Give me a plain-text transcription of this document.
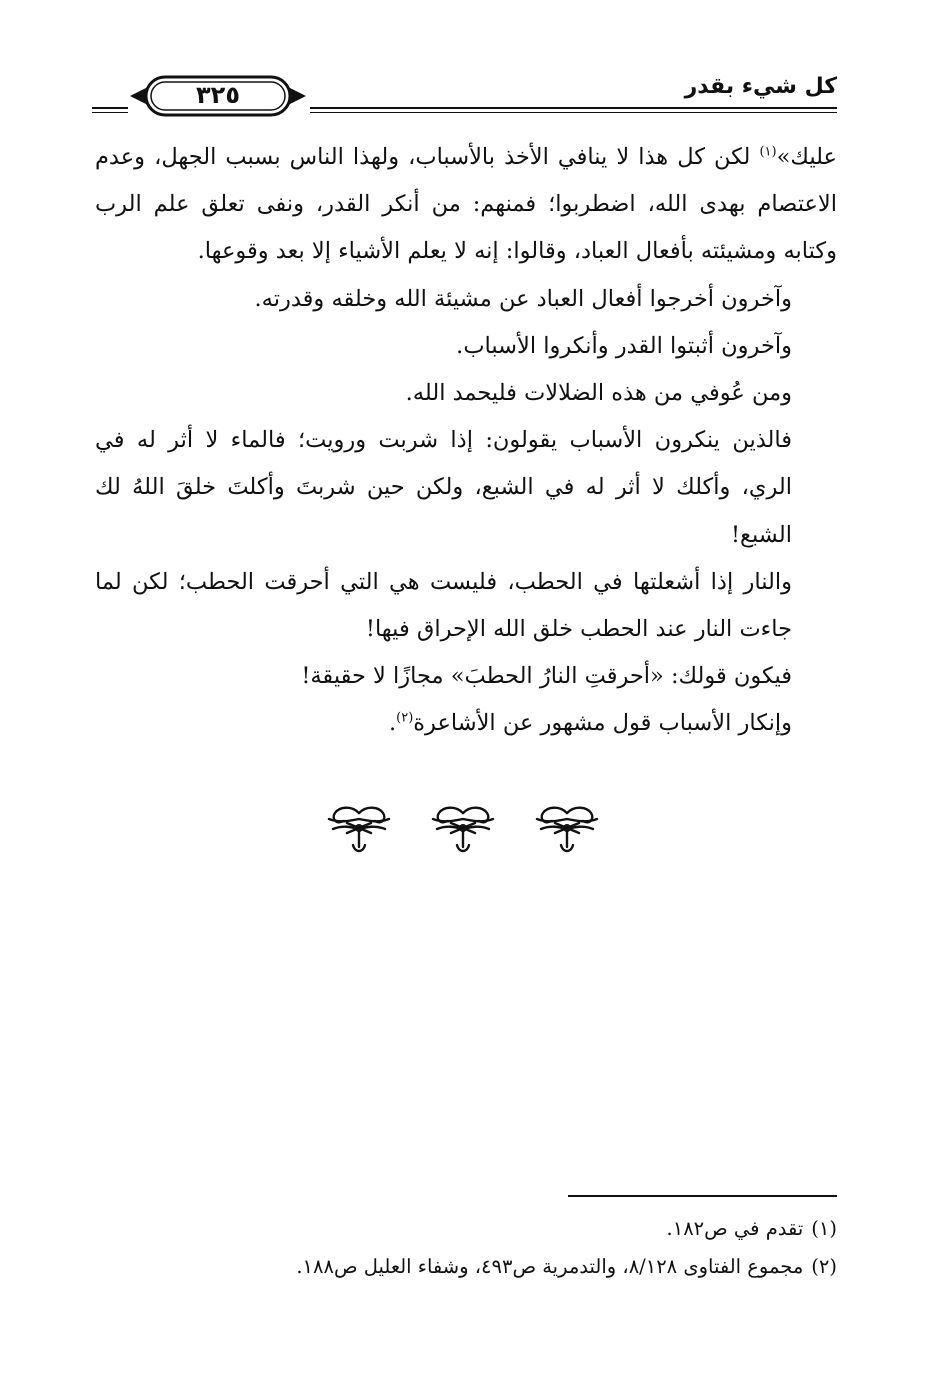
كل شيء بقدر
٣٢٥

عليك»$^{(١)}$ لكن كل هذا لا ينافي الأخذ بالأسباب، ولهذا الناس بسبب الجهل، وعدم الاعتصام بهدى الله، اضطربوا؛ فمنهم: من أنكر القدر، ونفى تعلق علم الرب وكتابه ومشيئته بأفعال العباد، وقالوا: إنه لا يعلم الأشياء إلا بعد وقوعها.

وآخرون أخرجوا أفعال العباد عن مشيئة الله وخلقه وقدرته.

وآخرون أثبتوا القدر وأنكروا الأسباب.

ومن عُوفي من هذه الضلالات فليحمد الله.

فالذين ينكرون الأسباب يقولون: إذا شربت ورويت؛ فالماء لا أثر له في الري، وأكلك لا أثر له في الشبع، ولكن حين شربتَ وأكلتَ خلقَ اللهُ لك الشبع!

والنار إذا أشعلتها في الحطب، فليست هي التي أحرقت الحطب؛ لكن لما جاءت النار عند الحطب خلق الله الإحراق فيها!

فيكون قولك: «أحرقتِ النارُ الحطبَ» مجازًا لا حقيقة!

وإنكار الأسباب قول مشهور عن الأشاعرة$^{(٢)}$.

(١)تقدم في ص١٨٢.

(٢)مجموع الفتاوى ٨/١٢٨، والتدمرية ص٤٩٣، وشفاء العليل ص١٨٨.
